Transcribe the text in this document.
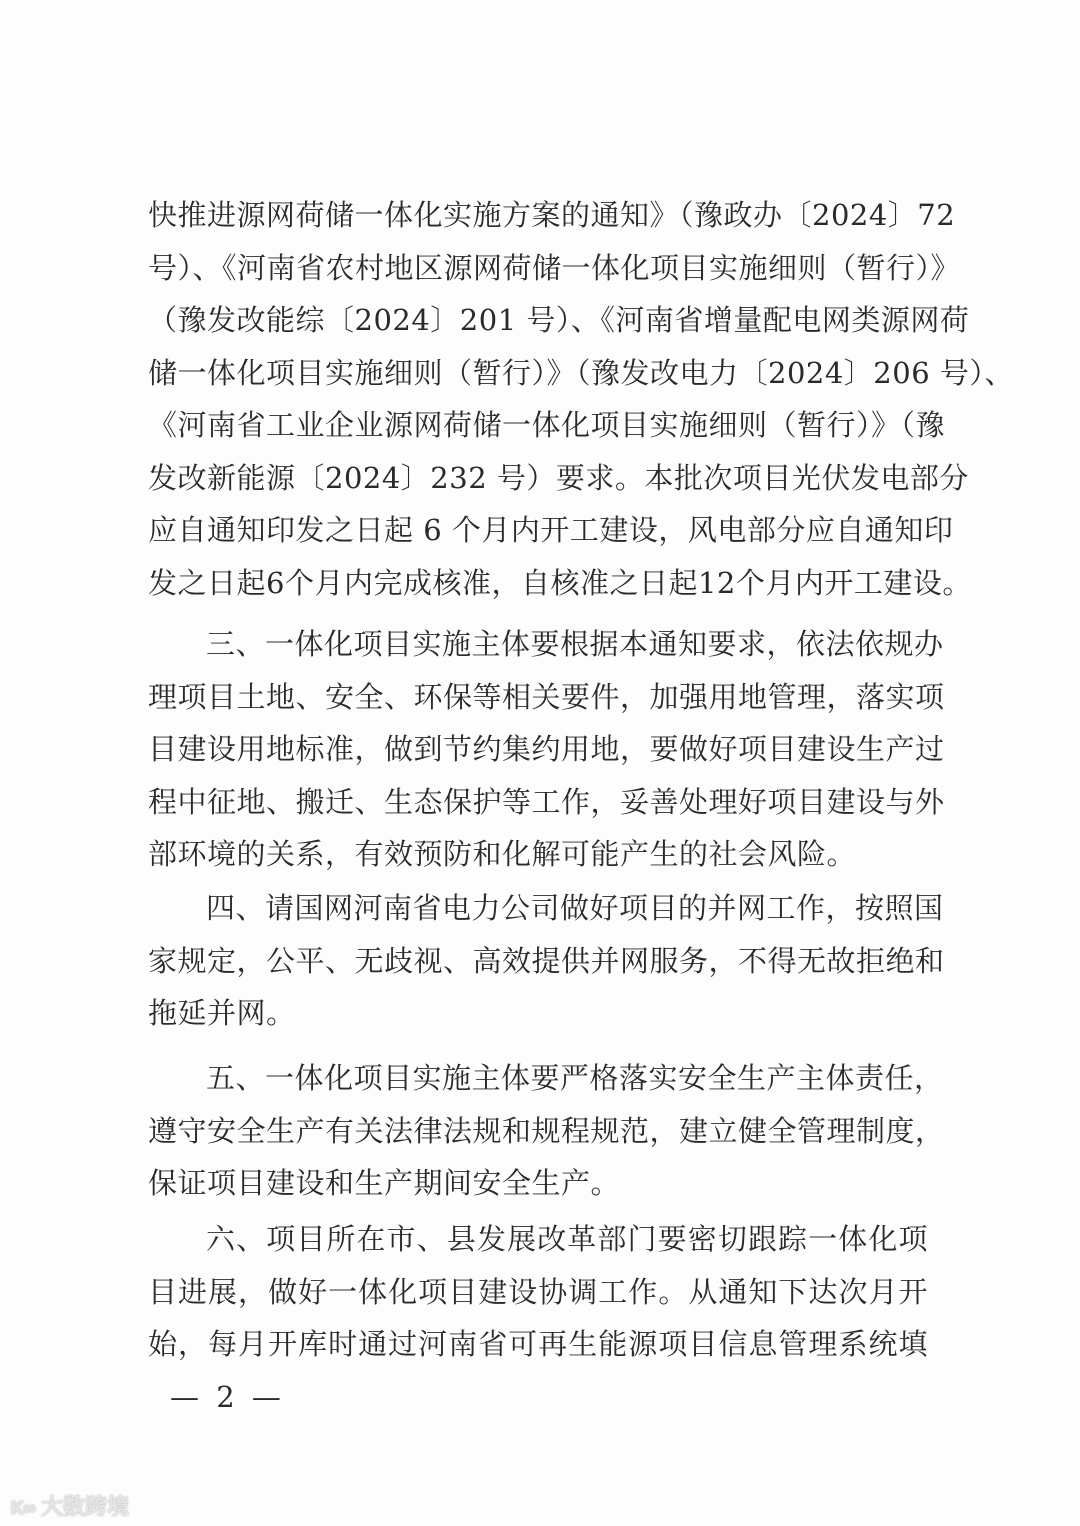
快推进源网荷储一体化实施方案的通知》（豫政办〔2024〕72
号）、《河南省农村地区源网荷储一体化项目实施细则（暂行）》
（豫发改能综〔2024〕201 号）、《河南省增量配电网类源网荷
储一体化项目实施细则（暂行）》（豫发改电力〔2024〕206 号）、
《河南省工业企业源网荷储一体化项目实施细则（暂行）》（豫
发改新能源〔2024〕232 号）要求。本批次项目光伏发电部分
应自通知印发之日起 6 个月内开工建设，风电部分应自通知印
发之日起6个月内完成核准，自核准之日起12个月内开工建设。
三、一体化项目实施主体要根据本通知要求，依法依规办
理项目土地、安全、环保等相关要件，加强用地管理，落实项
目建设用地标准，做到节约集约用地，要做好项目建设生产过
程中征地、搬迁、生态保护等工作，妥善处理好项目建设与外
部环境的关系，有效预防和化解可能产生的社会风险。
四、请国网河南省电力公司做好项目的并网工作，按照国
家规定，公平、无歧视、高效提供并网服务，不得无故拒绝和
拖延并网。
五、一体化项目实施主体要严格落实安全生产主体责任，
遵守安全生产有关法律法规和规程规范，建立健全管理制度，
保证项目建设和生产期间安全生产。
六、项目所在市、县发展改革部门要密切跟踪一体化项
目进展，做好一体化项目建设协调工作。从通知下达次月开
始，每月开库时通过河南省可再生能源项目信息管理系统填
— 2 —
K∞ 大数跨境
